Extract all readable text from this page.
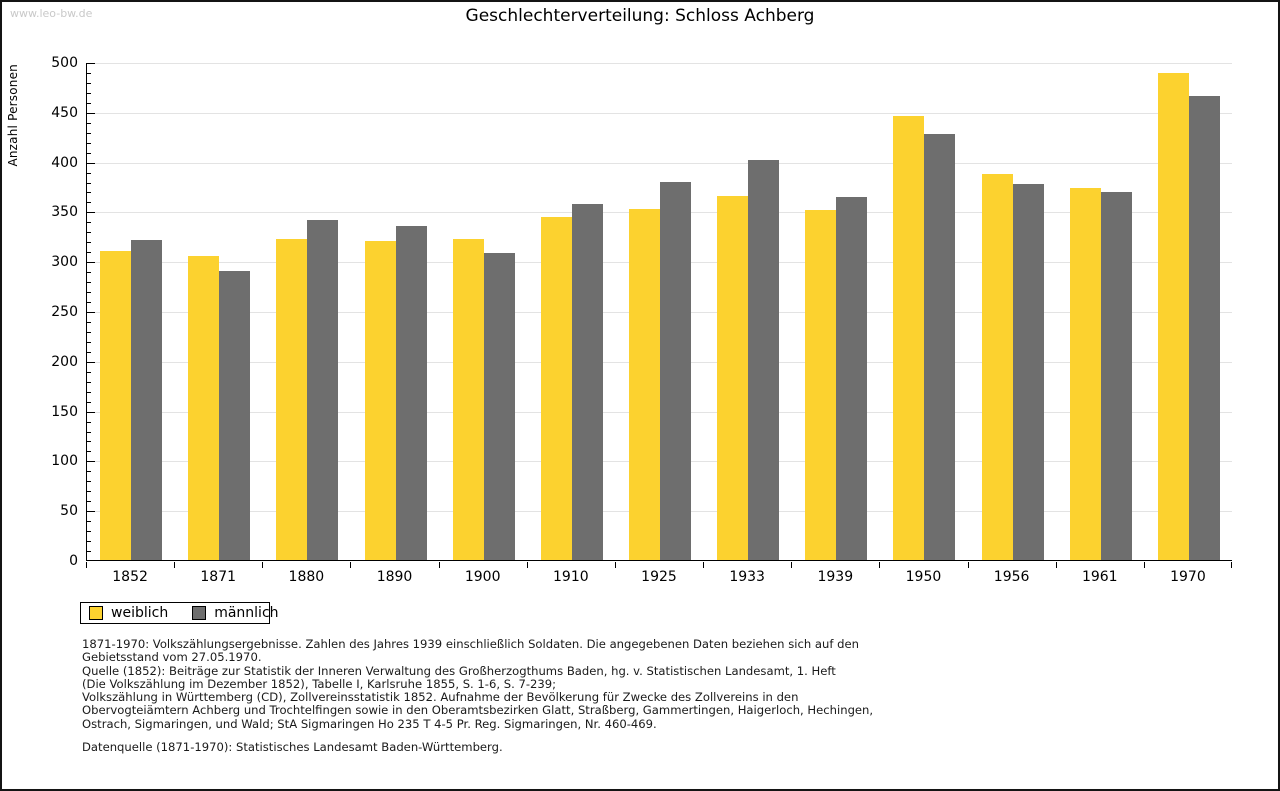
www.leo-bw.de	Geschlechterverteilung: Schloss Achberg
Anzahl Personen
0
50
100
150
200
250
300
350
400
450
500
1852	1871	1880	1890	1900	1910	1925	1933	1939	1950	1956	1961	1970
weiblich	männlich
1871-1970: Volkszählungsergebnisse. Zahlen des Jahres 1939 einschließlich Soldaten. Die angegebenen Daten beziehen sich auf den
Gebietsstand vom 27.05.1970.
Quelle (1852): Beiträge zur Statistik der Inneren Verwaltung des Großherzogthums Baden, hg. v. Statistischen Landesamt, 1. Heft
(Die Volkszählung im Dezember 1852), Tabelle I, Karlsruhe 1855, S. 1-6, S. 7-239;
Volkszählung in Württemberg (CD), Zollvereinsstatistik 1852. Aufnahme der Bevölkerung für Zwecke des Zollvereins in den
Obervogteiämtern Achberg und Trochtelfingen sowie in den Oberamtsbezirken Glatt, Straßberg, Gammertingen, Haigerloch, Hechingen,
Ostrach, Sigmaringen, und Wald; StA Sigmaringen Ho 235 T 4-5 Pr. Reg. Sigmaringen, Nr. 460-469.
Datenquelle (1871-1970): Statistisches Landesamt Baden-Württemberg.
